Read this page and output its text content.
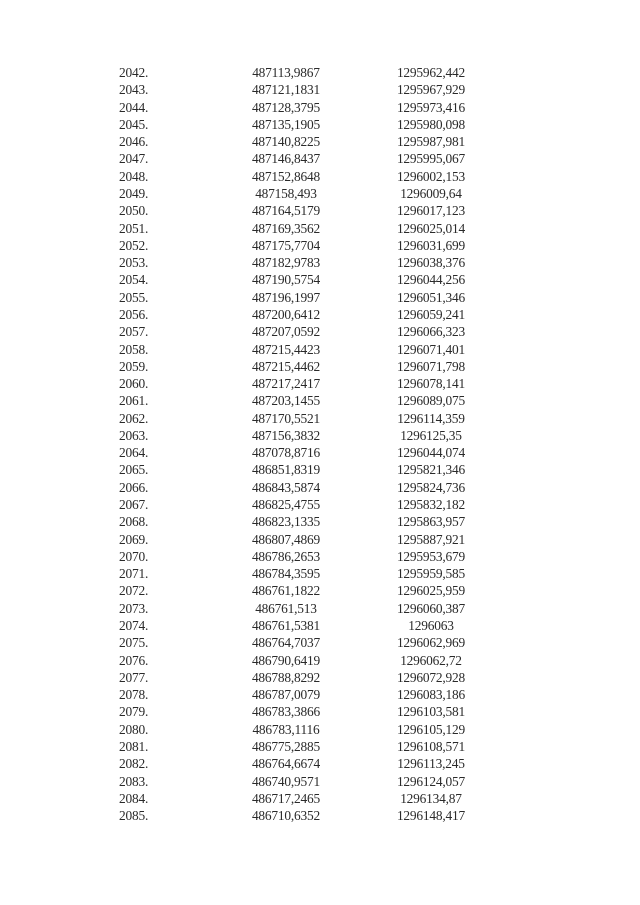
2042.	487113,9867	1295962,442
2043.	487121,1831	1295967,929
2044.	487128,3795	1295973,416
2045.	487135,1905	1295980,098
2046.	487140,8225	1295987,981
2047.	487146,8437	1295995,067
2048.	487152,8648	1296002,153
2049.	487158,493	1296009,64
2050.	487164,5179	1296017,123
2051.	487169,3562	1296025,014
2052.	487175,7704	1296031,699
2053.	487182,9783	1296038,376
2054.	487190,5754	1296044,256
2055.	487196,1997	1296051,346
2056.	487200,6412	1296059,241
2057.	487207,0592	1296066,323
2058.	487215,4423	1296071,401
2059.	487215,4462	1296071,798
2060.	487217,2417	1296078,141
2061.	487203,1455	1296089,075
2062.	487170,5521	1296114,359
2063.	487156,3832	1296125,35
2064.	487078,8716	1296044,074
2065.	486851,8319	1295821,346
2066.	486843,5874	1295824,736
2067.	486825,4755	1295832,182
2068.	486823,1335	1295863,957
2069.	486807,4869	1295887,921
2070.	486786,2653	1295953,679
2071.	486784,3595	1295959,585
2072.	486761,1822	1296025,959
2073.	486761,513	1296060,387
2074.	486761,5381	1296063
2075.	486764,7037	1296062,969
2076.	486790,6419	1296062,72
2077.	486788,8292	1296072,928
2078.	486787,0079	1296083,186
2079.	486783,3866	1296103,581
2080.	486783,1116	1296105,129
2081.	486775,2885	1296108,571
2082.	486764,6674	1296113,245
2083.	486740,9571	1296124,057
2084.	486717,2465	1296134,87
2085.	486710,6352	1296148,417
